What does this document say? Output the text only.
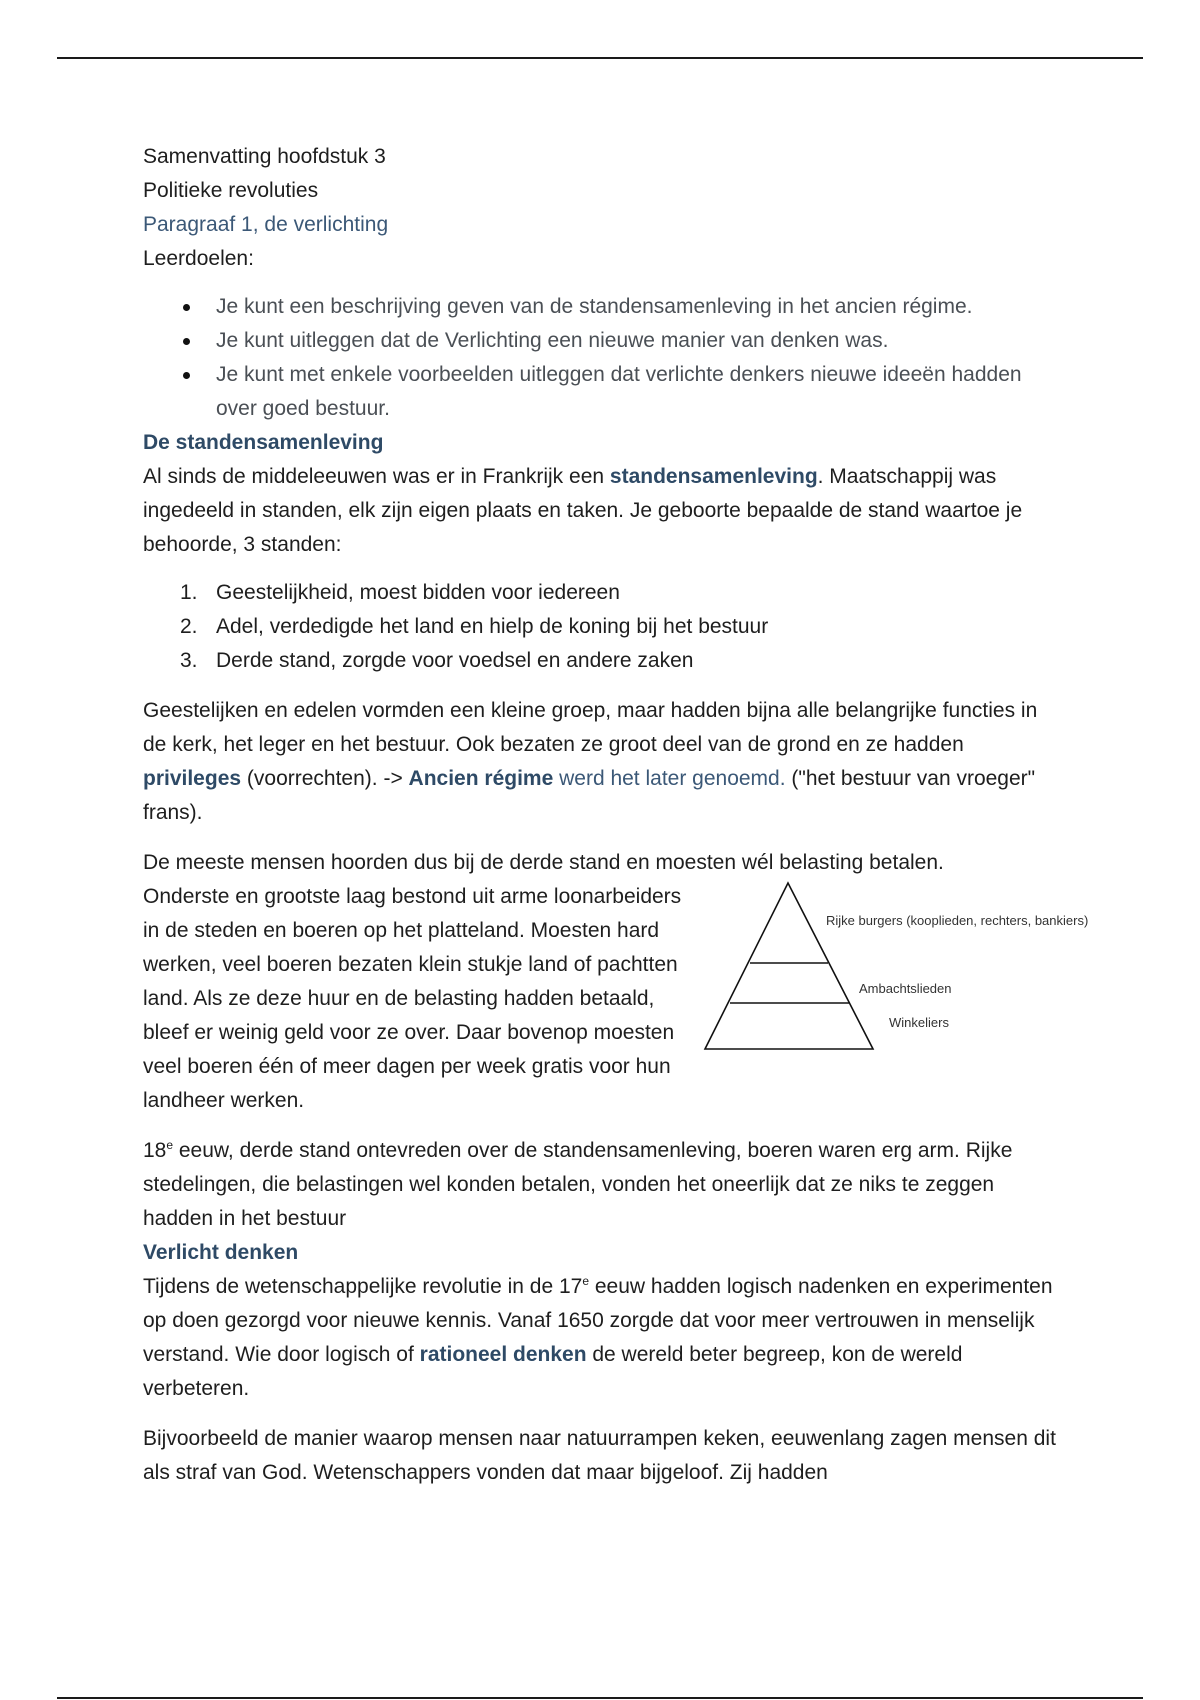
Samenvatting hoofdstuk 3

Politieke revoluties

Paragraaf 1, de verlichting

Leerdoelen:

Je kunt een beschrijving geven van de standensamenleving in het ancien régime.
Je kunt uitleggen dat de Verlichting een nieuwe manier van denken was.
Je kunt met enkele voorbeelden uitleggen dat verlichte denkers nieuwe ideeën hadden over goed bestuur.

De standensamenleving

Al sinds de middeleeuwen was er in Frankrijk een standensamenleving. Maatschappij was ingedeeld in standen, elk zijn eigen plaats en taken. Je geboorte bepaalde de stand waartoe je behoorde, 3 standen:

1. Geestelijkheid, moest bidden voor iedereen
2. Adel, verdedigde het land en hielp de koning bij het bestuur
3. Derde stand, zorgde voor voedsel en andere zaken

Geestelijken en edelen vormden een kleine groep, maar hadden bijna alle belangrijke functies in de kerk, het leger en het bestuur. Ook bezaten ze groot deel van de grond en ze hadden privileges (voorrechten). -> Ancien régime werd het later genoemd. ("het bestuur van vroeger" frans).

De meeste mensen hoorden dus bij de derde stand en moesten wél belasting betalen.

Onderste en grootste laag bestond uit arme loonarbeiders in de steden en boeren op het platteland. Moesten hard werken, veel boeren bezaten klein stukje land of pachtten land. Als ze deze huur en de belasting hadden betaald, bleef er weinig geld voor ze over. Daar bovenop moesten veel boeren één of meer dagen per week gratis voor hun landheer werken.

Rijke burgers (kooplieden, rechters, bankiers)
Ambachtslieden
Winkeliers

18e eeuw, derde stand ontevreden over de standensamenleving, boeren waren erg arm. Rijke stedelingen, die belastingen wel konden betalen, vonden het oneerlijk dat ze niks te zeggen hadden in het bestuur

Verlicht denken

Tijdens de wetenschappelijke revolutie in de 17e eeuw hadden logisch nadenken en experimenten op doen gezorgd voor nieuwe kennis. Vanaf 1650 zorgde dat voor meer vertrouwen in menselijk verstand. Wie door logisch of rationeel denken de wereld beter begreep, kon de wereld verbeteren.

Bijvoorbeeld de manier waarop mensen naar natuurrampen keken, eeuwenlang zagen mensen dit als straf van God. Wetenschappers vonden dat maar bijgeloof. Zij hadden
